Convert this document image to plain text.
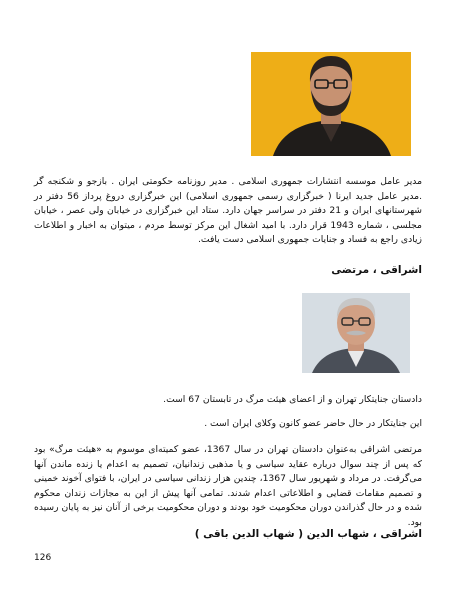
مدیر عامل موسسه انتشارات جمهوری اسلامی . مدیر روزنامه حکومتی ایران . بازجو و شکنجه گر .مدیر عامل جدید ایرنا ( خبرگزاری رسمی جمهوری اسلامی) این خبرگزاری دروغ پرداز 56 دفتر در شهرستانهای ایران و 21 دفتر در سراسر جهان دارد. ستاد این خبرگزاری در خیابان ولی عصر ، خیابان مجلسی ، شماره 1943 قرار دارد. با امید اشغال این مرکز توسط مردم ، میتوان به اخبار و اطلاعات زیادی راجع به فساد و جنایات جمهوری اسلامی دست یافت.

اشراقی ، مرتضی

دادستان جنایتکار تهران و از اعضای هیئت مرگ در تابستان 67 است.

این جنایتکار در حال حاضر عضو کانون وکلای ایران است .

مرتضی اشراقی به‌عنوان دادستان تهران در سال 1367، عضو کمیته‌ای موسوم به «هیئت مرگ» بود که پس از چند سوال درباره عقاید سیاسی و یا مذهبی زندانیان، تصمیم به اعدام یا زنده ماندن آنها می‌گرفت. در مرداد و شهریور سال 1367، چندین هزار زندانی سیاسی در ایران، با فتوای آخوند خمینی و تصمیم مقامات قضایی و اطلاعاتی اعدام شدند. تمامی آنها پیش از این به مجازات زندان محکوم شده و در حال گذراندن دوران محکومیت خود بودند و دوران محکومیت برخی از آنان نیز به پایان رسیده بود.

اشراقی ، شهاب الدین ( شهاب الدین باقی )

126
